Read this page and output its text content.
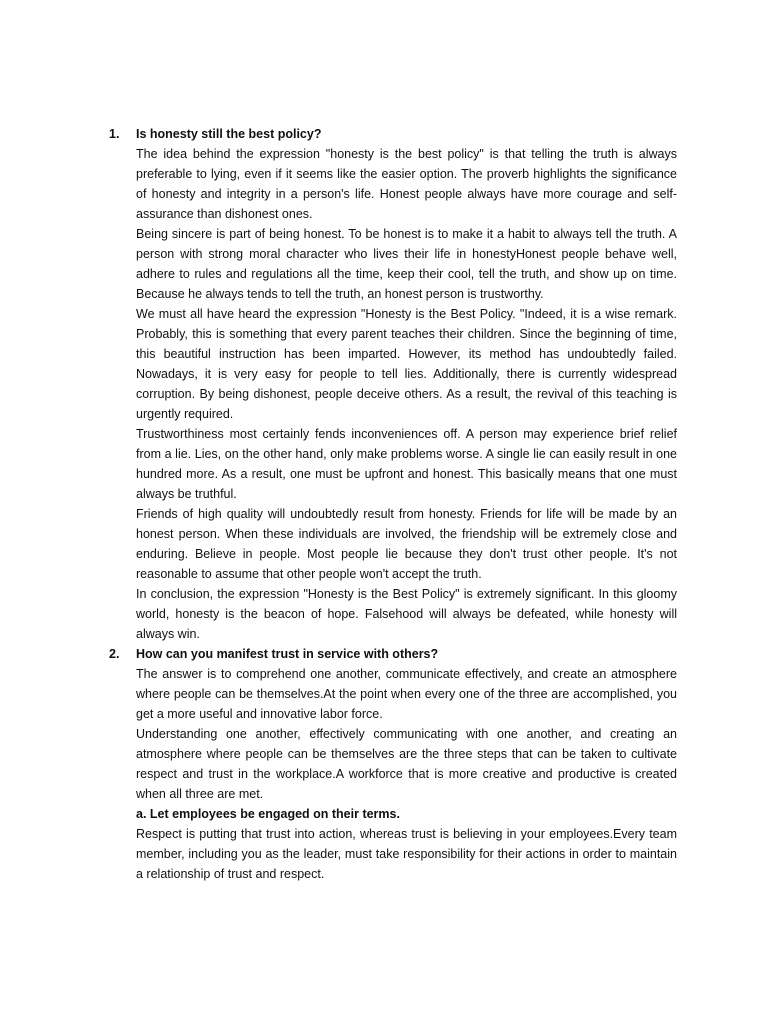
1. Is honesty still the best policy?

The idea behind the expression "honesty is the best policy" is that telling the truth is always preferable to lying, even if it seems like the easier option. The proverb highlights the significance of honesty and integrity in a person's life. Honest people always have more courage and self-assurance than dishonest ones.

Being sincere is part of being honest. To be honest is to make it a habit to always tell the truth. A person with strong moral character who lives their life in honestyHonest people behave well, adhere to rules and regulations all the time, keep their cool, tell the truth, and show up on time. Because he always tends to tell the truth, an honest person is trustworthy.

We must all have heard the expression "Honesty is the Best Policy. "Indeed, it is a wise remark. Probably, this is something that every parent teaches their children. Since the beginning of time, this beautiful instruction has been imparted. However, its method has undoubtedly failed. Nowadays, it is very easy for people to tell lies. Additionally, there is currently widespread corruption. By being dishonest, people deceive others. As a result, the revival of this teaching is urgently required.

Trustworthiness most certainly fends inconveniences off. A person may experience brief relief from a lie. Lies, on the other hand, only make problems worse. A single lie can easily result in one hundred more. As a result, one must be upfront and honest. This basically means that one must always be truthful.

Friends of high quality will undoubtedly result from honesty. Friends for life will be made by an honest person. When these individuals are involved, the friendship will be extremely close and enduring. Believe in people. Most people lie because they don't trust other people. It's not reasonable to assume that other people won't accept the truth.

In conclusion, the expression "Honesty is the Best Policy" is extremely significant. In this gloomy world, honesty is the beacon of hope. Falsehood will always be defeated, while honesty will always win.

2. How can you manifest trust in service with others?

The answer is to comprehend one another, communicate effectively, and create an atmosphere where people can be themselves.At the point when every one of the three are accomplished, you get a more useful and innovative labor force.

Understanding one another, effectively communicating with one another, and creating an atmosphere where people can be themselves are the three steps that can be taken to cultivate respect and trust in the workplace.A workforce that is more creative and productive is created when all three are met.

a. Let employees be engaged on their terms.

Respect is putting that trust into action, whereas trust is believing in your employees.Every team member, including you as the leader, must take responsibility for their actions in order to maintain a relationship of trust and respect.
